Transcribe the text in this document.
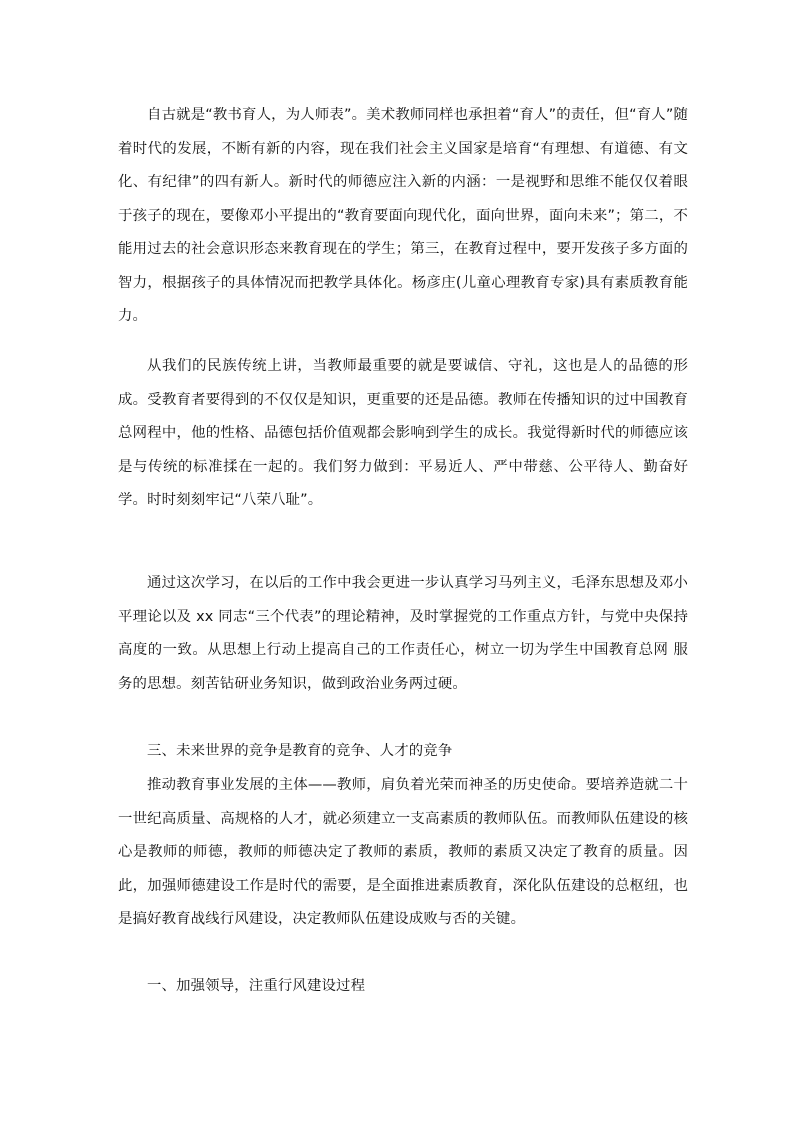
自古就是“教书育人，为人师表”。美术教师同样也承担着“育人”的责任，但“育人”随着时代的发展，不断有新的内容，现在我们社会主义国家是培育“有理想、有道德、有文化、有纪律”的四有新人。新时代的师德应注入新的内涵：一是视野和思维不能仅仅着眼于孩子的现在，要像邓小平提出的“教育要面向现代化，面向世界，面向未来”；第二，不能用过去的社会意识形态来教育现在的学生；第三，在教育过程中，要开发孩子多方面的智力，根据孩子的具体情况而把教学具体化。杨彦庄(儿童心理教育专家)具有素质教育能力。

从我们的民族传统上讲，当教师最重要的就是要诚信、守礼，这也是人的品德的形成。受教育者要得到的不仅仅是知识，更重要的还是品德。教师在传播知识的过中国教育总网程中，他的性格、品德包括价值观都会影响到学生的成长。我觉得新时代的师德应该是与传统的标准揉在一起的。我们努力做到：平易近人、严中带慈、公平待人、勤奋好学。时时刻刻牢记“八荣八耻”。

通过这次学习，在以后的工作中我会更进一步认真学习马列主义，毛泽东思想及邓小平理论以及 xx 同志“三个代表”的理论精神，及时掌握党的工作重点方针，与党中央保持高度的一致。从思想上行动上提高自己的工作责任心，树立一切为学生中国教育总网 服务的思想。刻苦钻研业务知识，做到政治业务两过硬。

三、未来世界的竞争是教育的竞争、人才的竞争

推动教育事业发展的主体——教师，肩负着光荣而神圣的历史使命。要培养造就二十一世纪高质量、高规格的人才，就必须建立一支高素质的教师队伍。而教师队伍建设的核心是教师的师德，教师的师德决定了教师的素质，教师的素质又决定了教育的质量。因此，加强师德建设工作是时代的需要，是全面推进素质教育，深化队伍建设的总枢纽，也是搞好教育战线行风建设，决定教师队伍建设成败与否的关键。

一、加强领导，注重行风建设过程
